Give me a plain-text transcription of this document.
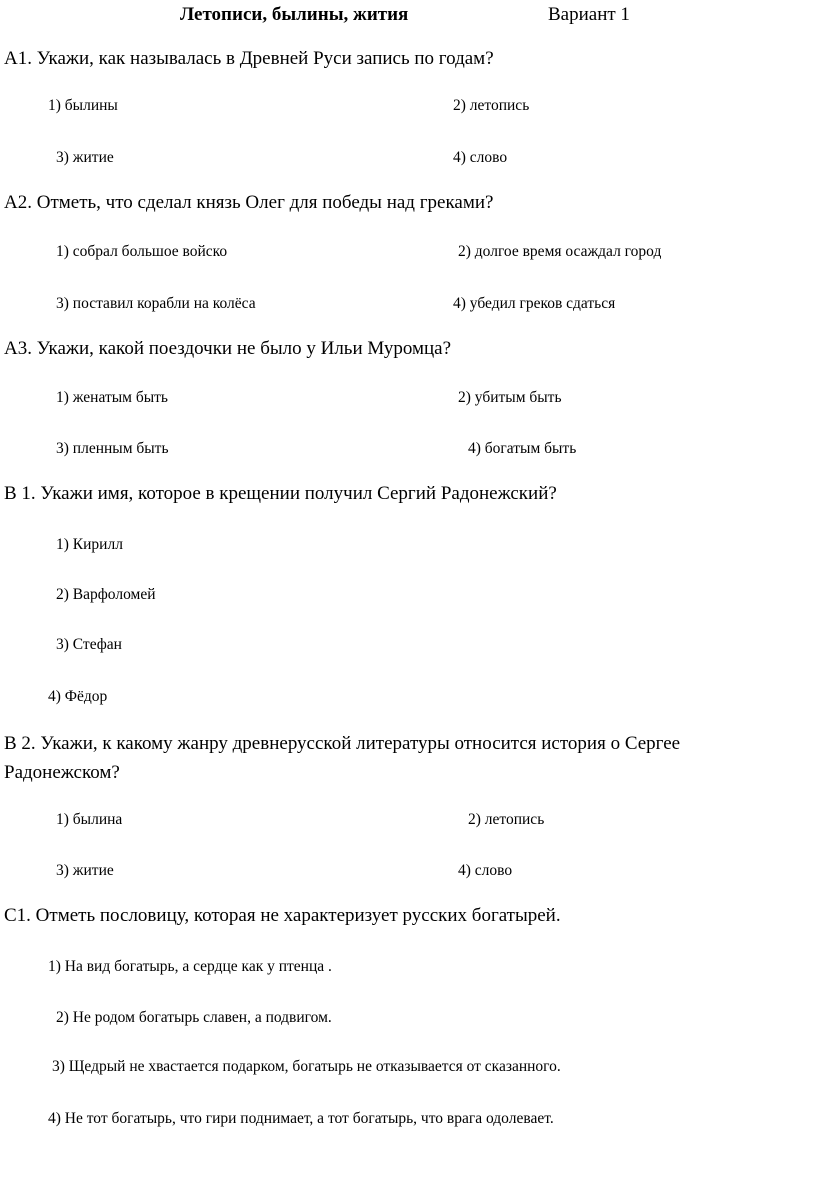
Летописи, былины, жития	Вариант 1
А1. Укажи, как называлась в Древней Руси запись по годам?
1) былины	2) летопись
3) житие	4) слово
А2. Отметь, что сделал князь Олег для победы над греками?
1) собрал большое войско	2) долгое время осаждал город
3) поставил корабли на колёса	4) убедил греков сдаться
А3. Укажи, какой поездочки не было у Ильи Муромца?
1) женатым быть	2) убитым быть
3) пленным быть	4) богатым быть
В 1. Укажи имя, которое в крещении получил Сергий Радонежский?
1) Кирилл
2) Варфоломей
3) Стефан
4) Фёдор
В 2. Укажи, к какому жанру древнерусской литературы относится история о Сергее
Радонежском?
1) былина	2) летопись
3) житие	4) слово
С1. Отметь пословицу, которая не характеризует русских богатырей.
1) На вид богатырь, а сердце как у птенца .
2) Не родом богатырь славен, а подвигом.
3) Щедрый не хвастается подарком, богатырь не отказывается от сказанного.
4) Не тот богатырь, что гири поднимает, а тот богатырь, что врага одолевает.
